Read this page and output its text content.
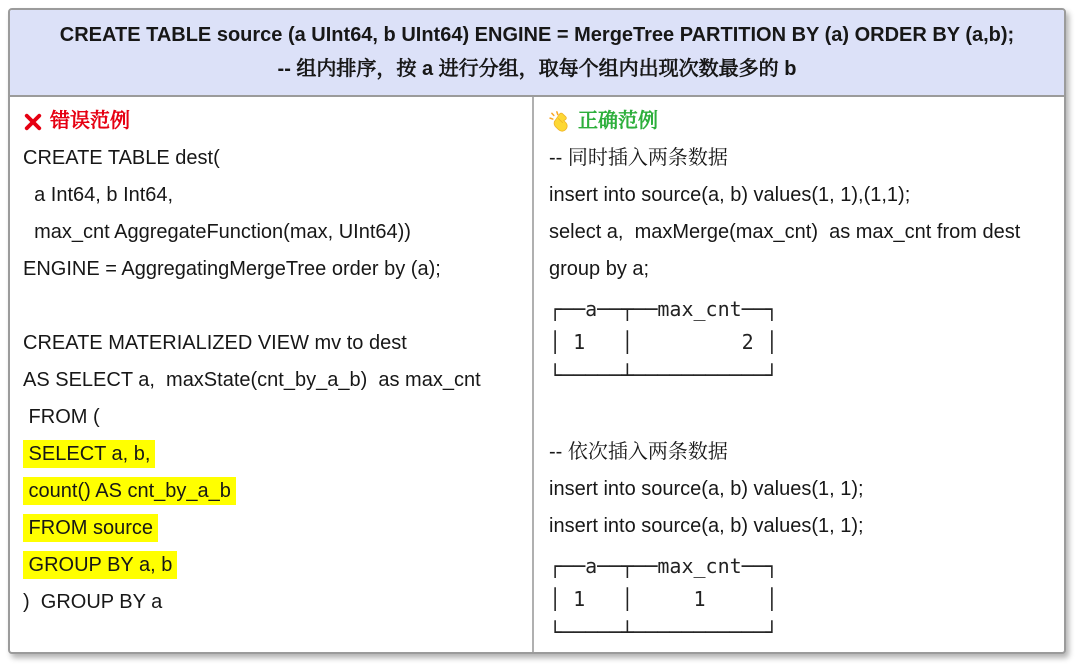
CREATE TABLE source (a UInt64, b UInt64) ENGINE = MergeTree PARTITION BY (a) ORDER BY (a,b);
-- 组内排序，按 a 进行分组，取每个组内出现次数最多的 b
错误范例
CREATE TABLE dest(
a Int64, b Int64,
max_cnt AggregateFunction(max, UInt64))
ENGINE = AggregatingMergeTree order by (a);
CREATE MATERIALIZED VIEW mv to dest
AS SELECT a,  maxState(cnt_by_a_b)  as max_cnt
FROM (
SELECT a, b,
count() AS cnt_by_a_b
FROM source
GROUP BY a, b
)  GROUP BY a
正确范例
-- 同时插入两条数据
insert into source(a, b) values(1, 1),(1,1);
select a,  maxMerge(max_cnt)  as max_cnt from dest
group by a;
┌──a──┬──max_cnt──┐
│ 1   │         2 │
└─────┴───────────┘
-- 依次插入两条数据
insert into source(a, b) values(1, 1);
insert into source(a, b) values(1, 1);
┌──a──┬──max_cnt──┐
│ 1   │     1     │
└─────┴───────────┘
